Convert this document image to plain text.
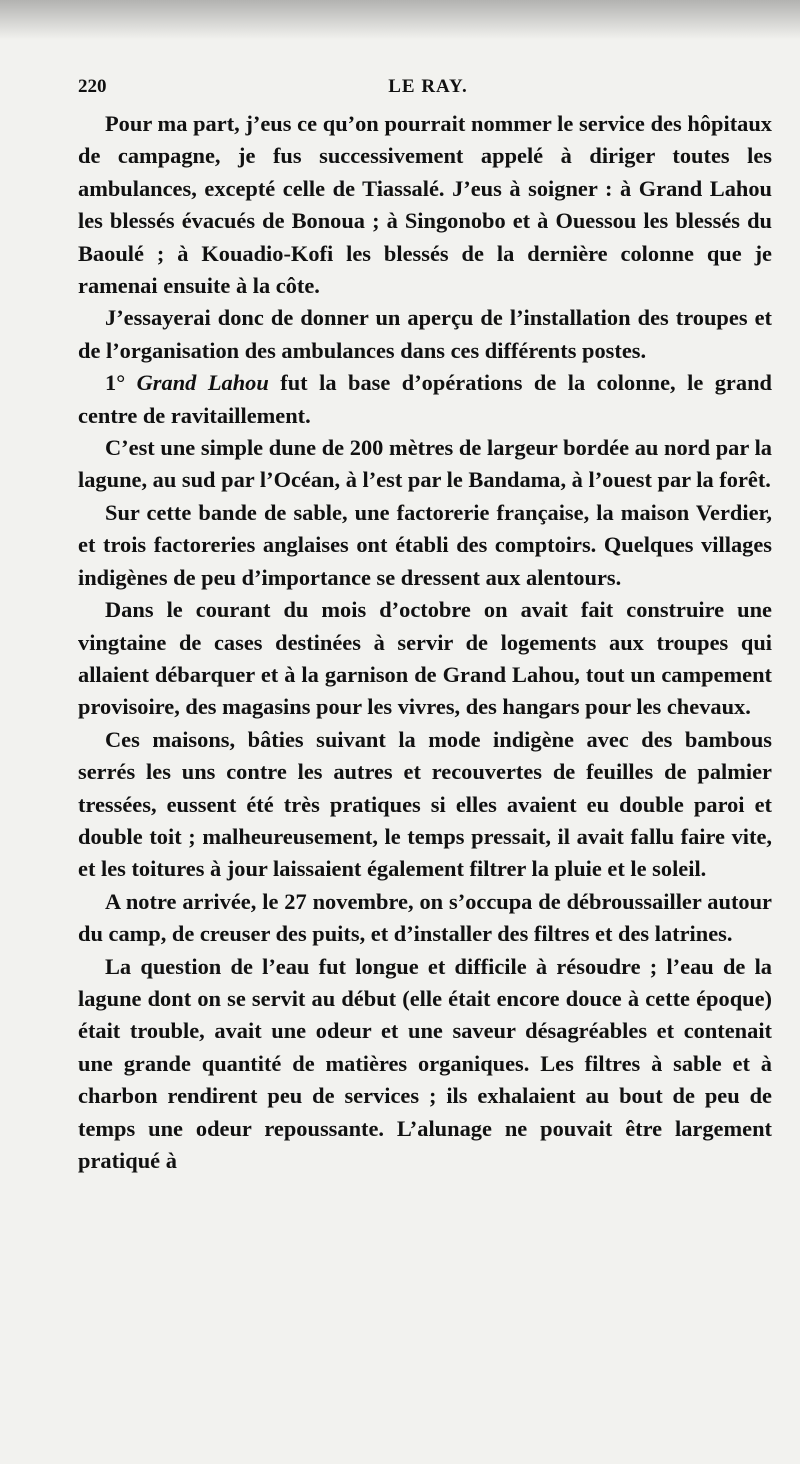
220	LE RAY.

Pour ma part, j’eus ce qu’on pourrait nommer le service des hôpitaux de campagne, je fus successivement appelé à diriger toutes les ambulances, excepté celle de Tiassalé. J’eus à soigner : à Grand Lahou les blessés évacués de Bonoua ; à Singonobo et à Ouessou les blessés du Baoulé ; à Kouadio-Kofi les blessés de la dernière colonne que je ramenai ensuite à la côte.

J’essayerai donc de donner un aperçu de l’installation des troupes et de l’organisation des ambulances dans ces différents postes.

1° Grand Lahou fut la base d’opérations de la colonne, le grand centre de ravitaillement.

C’est une simple dune de 200 mètres de largeur bordée au nord par la lagune, au sud par l’Océan, à l’est par le Bandama, à l’ouest par la forêt.

Sur cette bande de sable, une factorerie française, la maison Verdier, et trois factoreries anglaises ont établi des comptoirs. Quelques villages indigènes de peu d’importance se dressent aux alentours.

Dans le courant du mois d’octobre on avait fait construire une vingtaine de cases destinées à servir de logements aux troupes qui allaient débarquer et à la garnison de Grand Lahou, tout un campement provisoire, des magasins pour les vivres, des hangars pour les chevaux.

Ces maisons, bâties suivant la mode indigène avec des bambous serrés les uns contre les autres et recouvertes de feuilles de palmier tressées, eussent été très pratiques si elles avaient eu double paroi et double toit ; malheureusement, le temps pressait, il avait fallu faire vite, et les toitures à jour laissaient également filtrer la pluie et le soleil.

A notre arrivée, le 27 novembre, on s’occupa de débroussailler autour du camp, de creuser des puits, et d’installer des filtres et des latrines.

La question de l’eau fut longue et difficile à résoudre ; l’eau de la lagune dont on se servit au début (elle était encore douce à cette époque) était trouble, avait une odeur et une saveur désagréables et contenait une grande quantité de matières organiques. Les filtres à sable et à charbon rendirent peu de services ; ils exhalaient au bout de peu de temps une odeur repoussante. L’alunage ne pouvait être largement pratiqué à
